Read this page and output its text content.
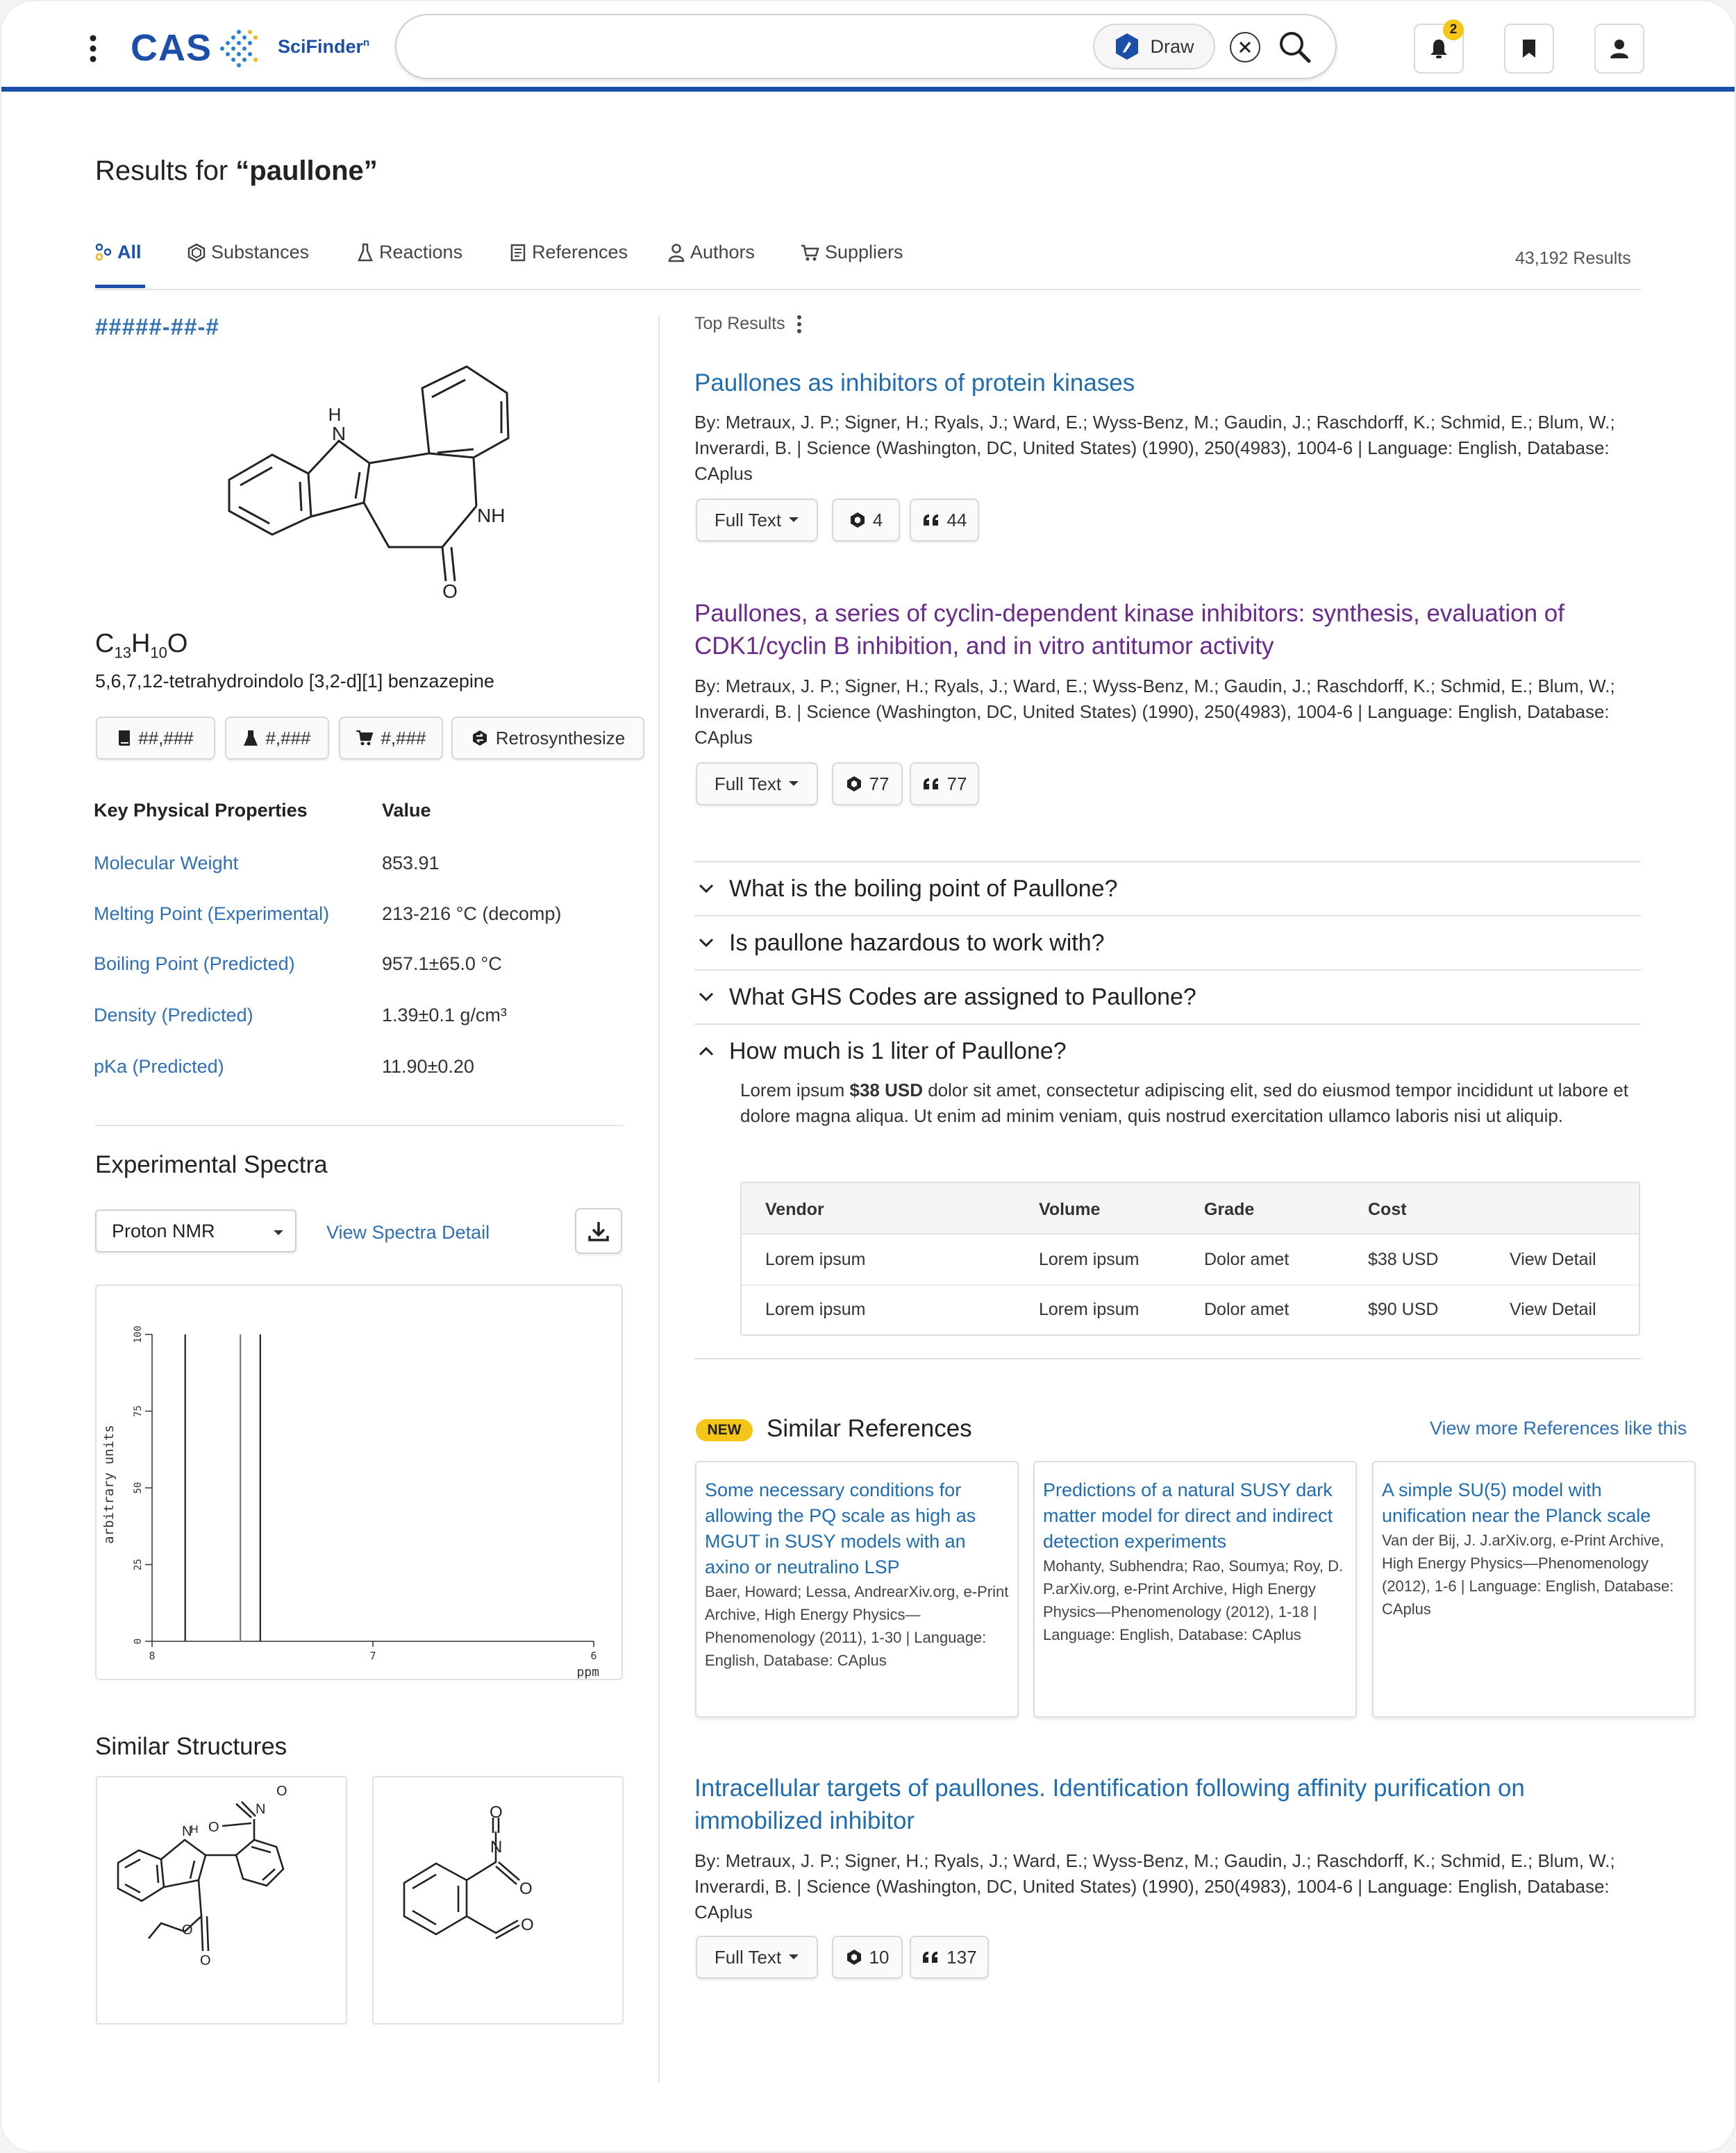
CAS	SciFinder$^n$	Draw
2
Results for “paullone”
All	Substances	Reactions	References	Authors	Suppliers	43,192 Results
#####-##-#
H
N
NH
O
$C_{13}H_{10}O$
5,6,7,12-tetrahydroindolo [3,2-d][1] benzazepine
##,###	#,###	#,###	Retrosynthesize
Key Physical Properties	Value
Molecular Weight	853.91
Melting Point (Experimental)	213-216 °C (decomp)
Boiling Point (Predicted)	957.1±65.0 °C
Density (Predicted)	1.39±0.1 g/cm³
pKa (Predicted)	11.90±0.20
Experimental Spectra
Proton NMR	View Spectra Detail
arbitrary units
ppm
0
25
50
75
100
8	7	6
Similar Structures
N
H
N
O
O
O
O
O
N
O
O
Top Results
Paullones as inhibitors of protein kinases
By: Metraux, J. P.; Signer, H.; Ryals, J.; Ward, E.; Wyss-Benz, M.; Gaudin, J.; Raschdorff, K.; Schmid, E.; Blum, W.; Inverardi, B. | Science (Washington, DC, United States) (1990), 250(4983), 1004-6 | Language: English, Database: CAplus
Full Text	4	44
Paullones, a series of cyclin-dependent kinase inhibitors: synthesis, evaluation of CDK1/cyclin B inhibition, and in vitro antitumor activity
By: Metraux, J. P.; Signer, H.; Ryals, J.; Ward, E.; Wyss-Benz, M.; Gaudin, J.; Raschdorff, K.; Schmid, E.; Blum, W.; Inverardi, B. | Science (Washington, DC, United States) (1990), 250(4983), 1004-6 | Language: English, Database: CAplus
Full Text	77	77
What is the boiling point of Paullone?
Is paullone hazardous to work with?
What GHS Codes are assigned to Paullone?
How much is 1 liter of Paullone?
Lorem ipsum $38 USD dolor sit amet, consectetur adipiscing elit, sed do eiusmod tempor incididunt ut labore et dolore magna aliqua. Ut enim ad minim veniam, quis nostrud exercitation ullamco laboris nisi ut aliquip.
Vendor	Volume	Grade	Cost
Lorem ipsum	Lorem ipsum	Dolor amet	$38 USD	View Detail
Lorem ipsum	Lorem ipsum	Dolor amet	$90 USD	View Detail
NEW	Similar References	View more References like this
Some necessary conditions for allowing the PQ scale as high as MGUT in SUSY models with an axino or neutralino LSP
Baer, Howard; Lessa, AndrearXiv.org, e-Print Archive, High Energy Physics—Phenomenology (2011), 1-30 | Language: English, Database: CAplus
Predictions of a natural SUSY dark matter model for direct and indirect detection experiments
Mohanty, Subhendra; Rao, Soumya; Roy, D. P.arXiv.org, e-Print Archive, High Energy Physics—Phenomenology (2012), 1-18 | Language: English, Database: CAplus
A simple SU(5) model with unification near the Planck scale
Van der Bij, J. J.arXiv.org, e-Print Archive, High Energy Physics—Phenomenology (2012), 1-6 | Language: English, Database: CAplus
Intracellular targets of paullones. Identification following affinity purification on immobilized inhibitor
By: Metraux, J. P.; Signer, H.; Ryals, J.; Ward, E.; Wyss-Benz, M.; Gaudin, J.; Raschdorff, K.; Schmid, E.; Blum, W.; Inverardi, B. | Science (Washington, DC, United States) (1990), 250(4983), 1004-6 | Language: English, Database: CAplus
Full Text	10	137
